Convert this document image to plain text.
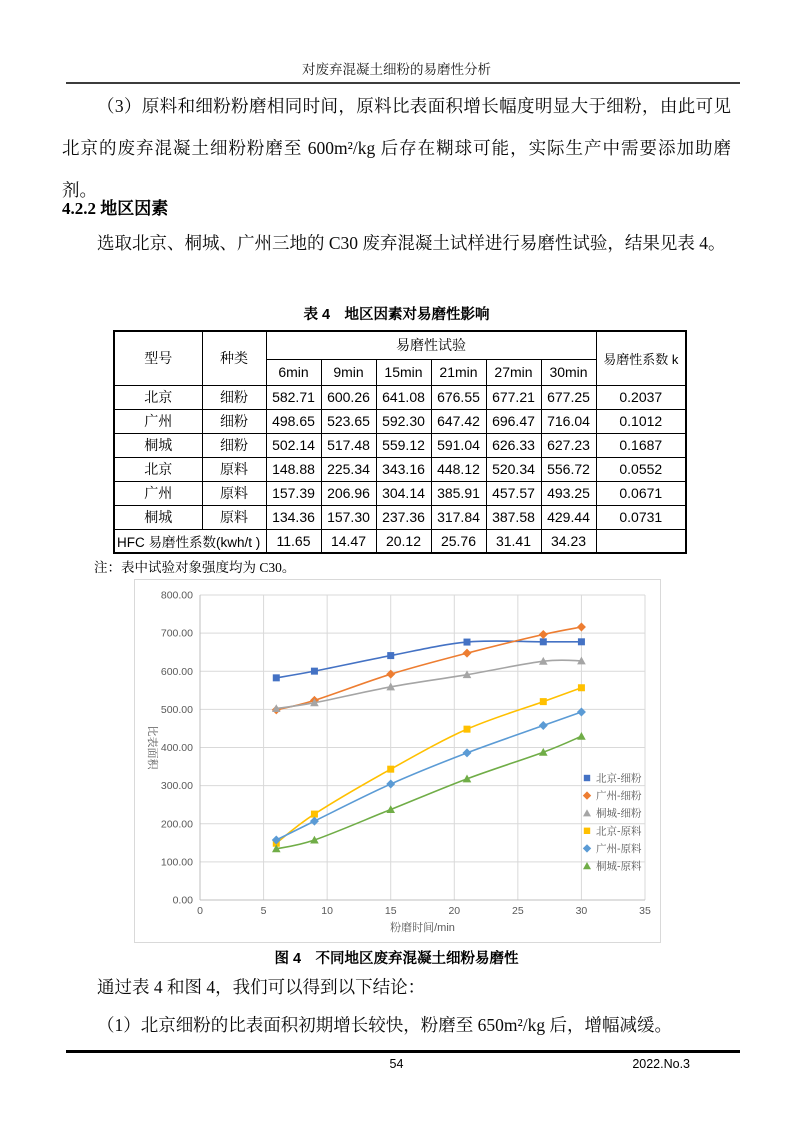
对废弃混凝土细粉的易磨性分析

（3）原料和细粉粉磨相同时间，原料比表面积增长幅度明显大于细粉，由此可见北京的废弃混凝土细粉粉磨至 600m²/kg 后存在糊球可能，实际生产中需要添加助磨剂。

4.2.2 地区因素

选取北京、桐城、广州三地的 C30 废弃混凝土试样进行易磨性试验，结果见表 4。

表 4　地区因素对易磨性影响
型号	种类	易磨性试验						易磨性系数 k
		6min	9min	15min	21min	27min	30min	
北京	细粉	582.71	600.26	641.08	676.55	677.21	677.25	0.2037
广州	细粉	498.65	523.65	592.30	647.42	696.47	716.04	0.1012
桐城	细粉	502.14	517.48	559.12	591.04	626.33	627.23	0.1687
北京	原料	148.88	225.34	343.16	448.12	520.34	556.72	0.0552
广州	原料	157.39	206.96	304.14	385.91	457.57	493.25	0.0671
桐城	原料	134.36	157.30	237.36	317.84	387.58	429.44	0.0731
HFC 易磨性系数(kwh/t )		11.65	14.47	20.12	25.76	31.41	34.23	
注：表中试验对象强度均为 C30。
0.00
100.00
200.00
300.00
400.00
500.00
600.00
700.00
800.00
0	5	10	15	20	25	30	35
粉磨时间/min
比表面积
北京-细粉
广州-细粉
桐城-细粉
北京-原料
广州-原料
桐城-原料
图 4　不同地区废弃混凝土细粉易磨性

通过表 4 和图 4，我们可以得到以下结论：

（1）北京细粉的比表面积初期增长较快，粉磨至 650m²/kg 后，增幅减缓。

54	2022.No.3
